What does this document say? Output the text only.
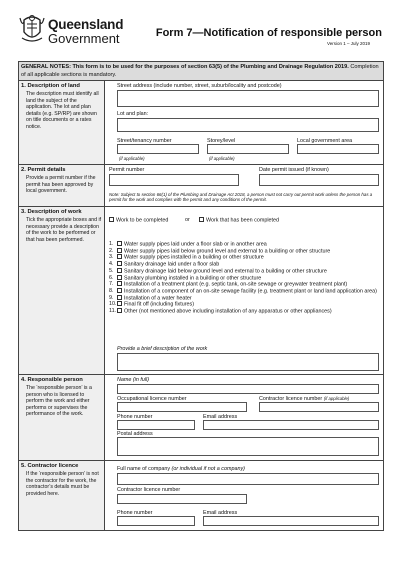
Queensland
Government	Form 7—Notification of responsible person
Version 1 – July 2019
GENERAL NOTES: This form is to be used for the purposes of section 63(5) of the Plumbing and Drainage Regulation 2019. Completion of all applicable sections is mandatory.
1. Description of land
The description must identify all land the subject of the application. The lot and plan details (e.g. SP/RP) are shown on title documents or a rates notice.
Street address (include number, street, suburb/locality and postcode)
Lot and plan:
Street/tenancy number	Storey/level	Local government area
(if applicable)	(if applicable)
2. Permit details
Provide a permit number if the permit has been approved by local government.
Permit number	Date permit issued (if known)
Note: Subject to section 66(1) of the Plumbing and Drainage Act 2018, a person must not carry out permit work unless the person has a permit for the work and complies with the permit and any conditions of the permit.
3. Description of work
Tick the appropriate boxes and if necessary provide a description of the work to be performed or that has been performed.
Work to be completed	or	Work that has been completed
1.	Water supply pipes laid under a floor slab or in another area
2.	Water supply pipes laid below ground level and external to a building or other structure
3.	Water supply pipes installed in a building or other structure
4.	Sanitary drainage laid under a floor slab
5.	Sanitary drainage laid below ground level and external to a building or other structure
6.	Sanitary plumbing installed in a building or other structure
7.	Installation of a treatment plant (e.g. septic tank, on-site sewage or greywater treatment plant)
8.	Installation of a component of an on-site sewage facility (e.g. treatment plant or land land application area)
9.	Installation of a water heater
10.	Final fit off (including fixtures)
11.	Other (not mentioned above including installation of any apparatus or other appliances)
Provide a brief description of the work
4. Responsible person
The ‘responsible person’ is a person who is licensed to perform the work and either performs or supervises the performance of the work.
Name (in full)
Occupational licence number	Contractor licence number (if applicable)
Phone number	Email address
Postal address
5. Contractor licence
If the ‘responsible person’ is not the contractor for the work, the contractor’s details must be provided here.
Full name of company (or individual if not a company)
Contractor licence number
Phone number	Email address
